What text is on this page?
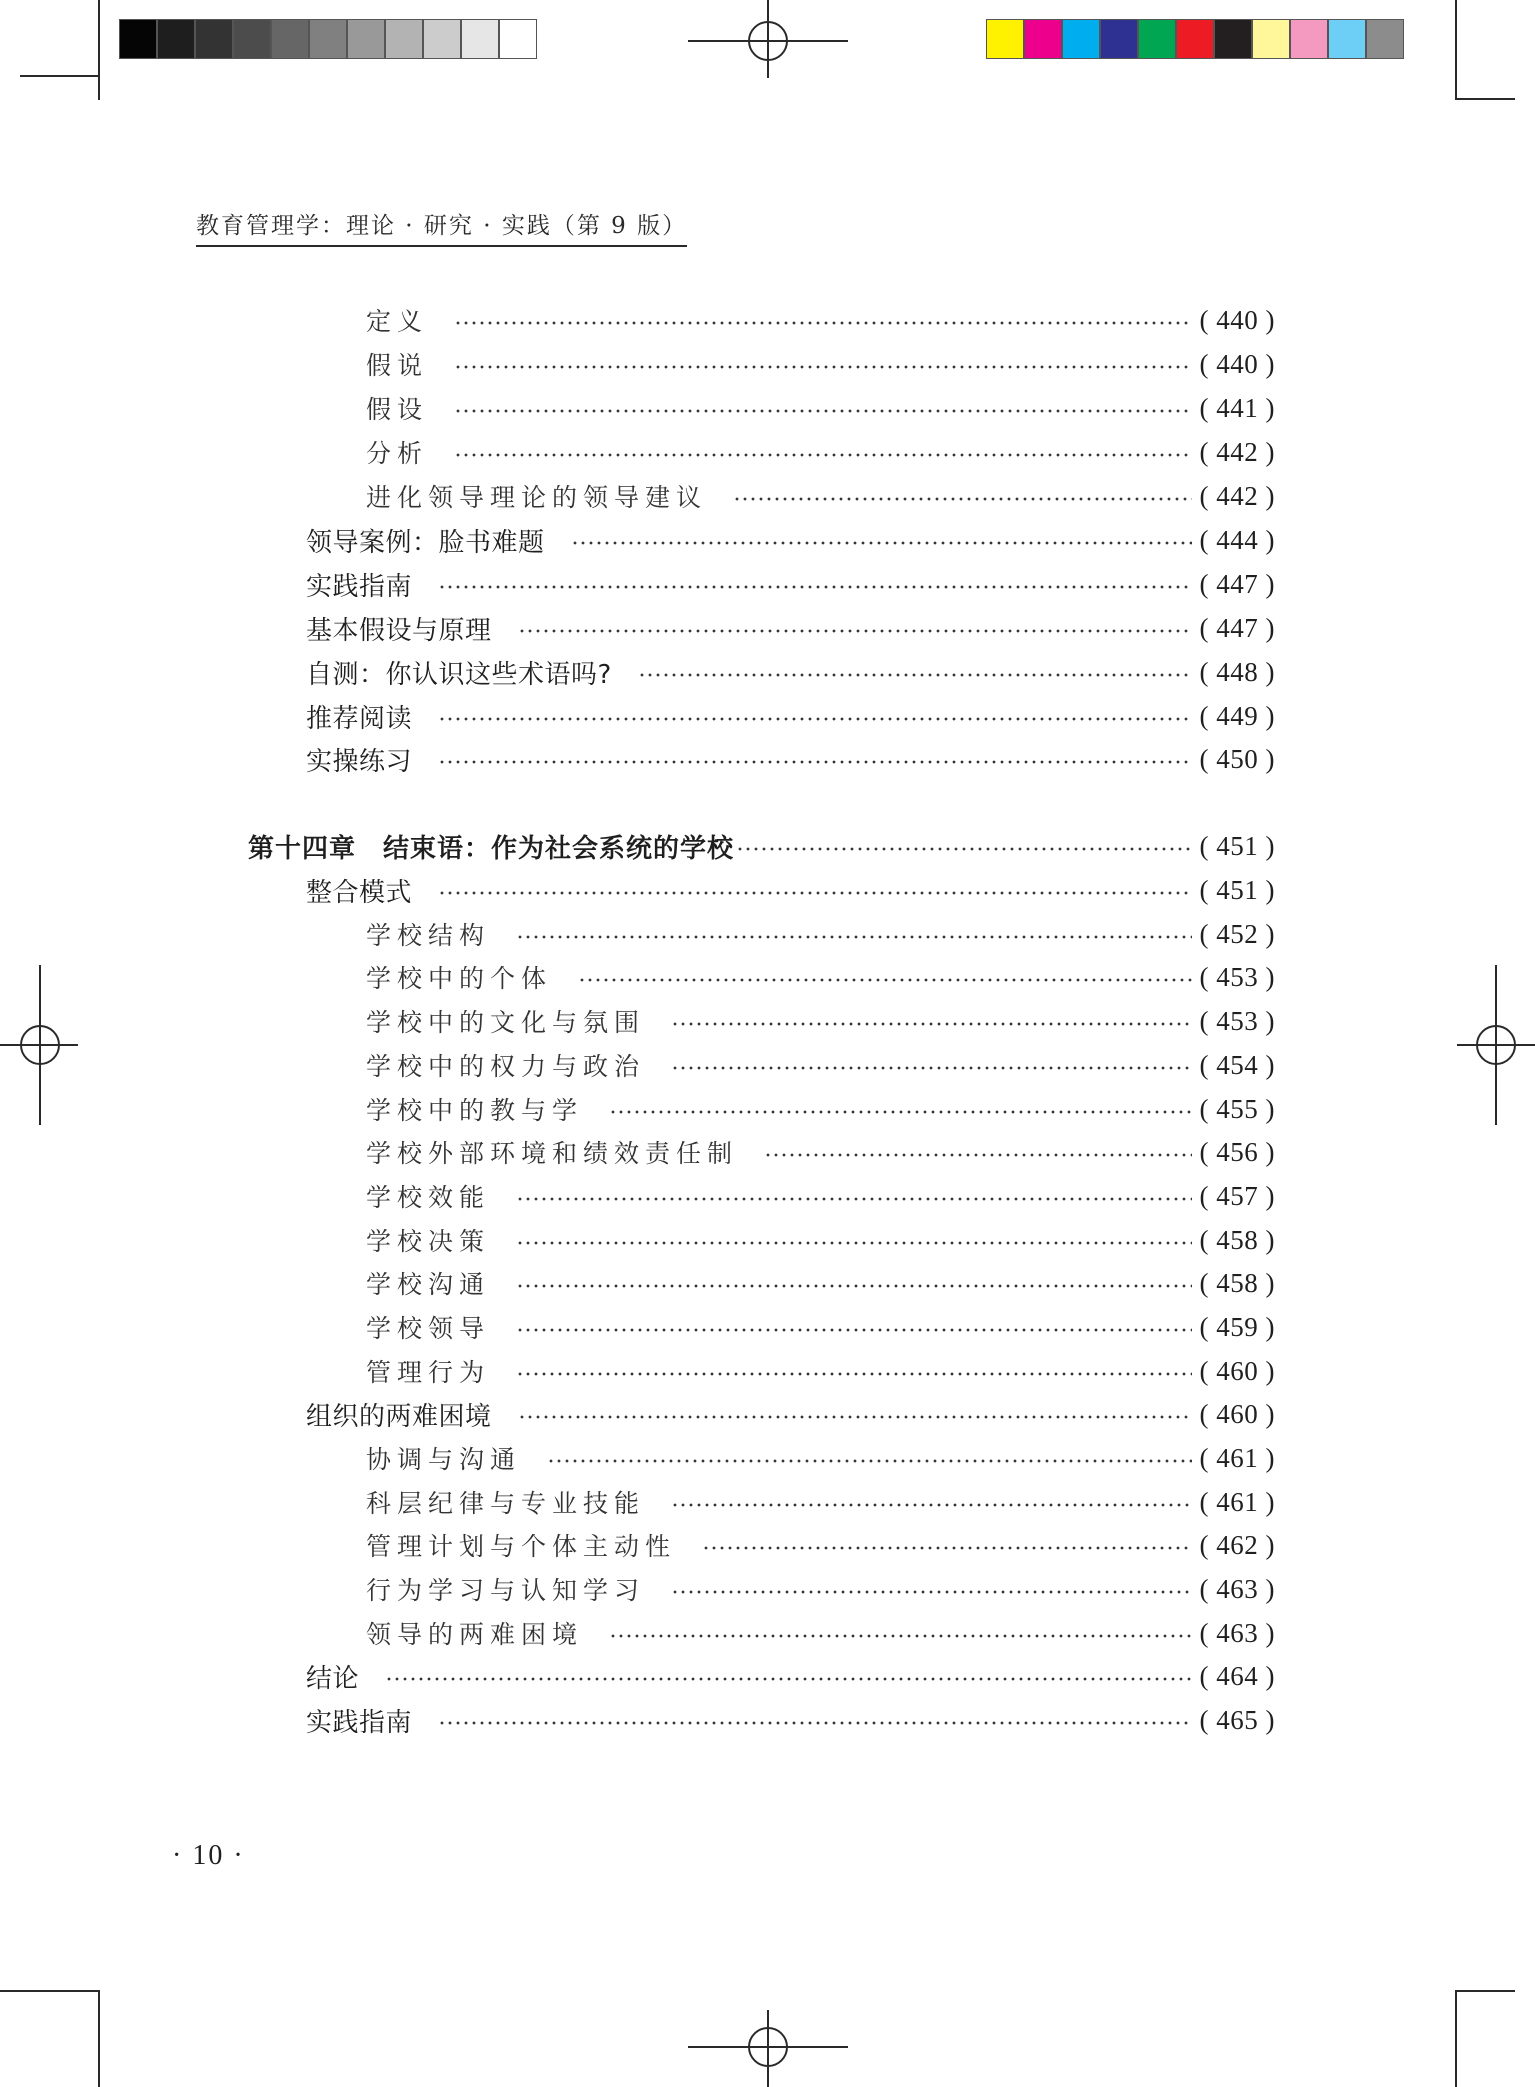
教育管理学：理论 · 研究 · 实践（第 9 版）
定义	( 440 )
假说	( 440 )
假设	( 441 )
分析	( 442 )
进化领导理论的领导建议	( 442 )
领导案例：脸书难题	( 444 )
实践指南	( 447 )
基本假设与原理	( 447 )
自测：你认识这些术语吗?	( 448 )
推荐阅读	( 449 )
实操练习	( 450 )
第十四章　结束语：作为社会系统的学校	( 451 )
整合模式	( 451 )
学校结构	( 452 )
学校中的个体	( 453 )
学校中的文化与氛围	( 453 )
学校中的权力与政治	( 454 )
学校中的教与学	( 455 )
学校外部环境和绩效责任制	( 456 )
学校效能	( 457 )
学校决策	( 458 )
学校沟通	( 458 )
学校领导	( 459 )
管理行为	( 460 )
组织的两难困境	( 460 )
协调与沟通	( 461 )
科层纪律与专业技能	( 461 )
管理计划与个体主动性	( 462 )
行为学习与认知学习	( 463 )
领导的两难困境	( 463 )
结论	( 464 )
实践指南	( 465 )
· 10 ·
